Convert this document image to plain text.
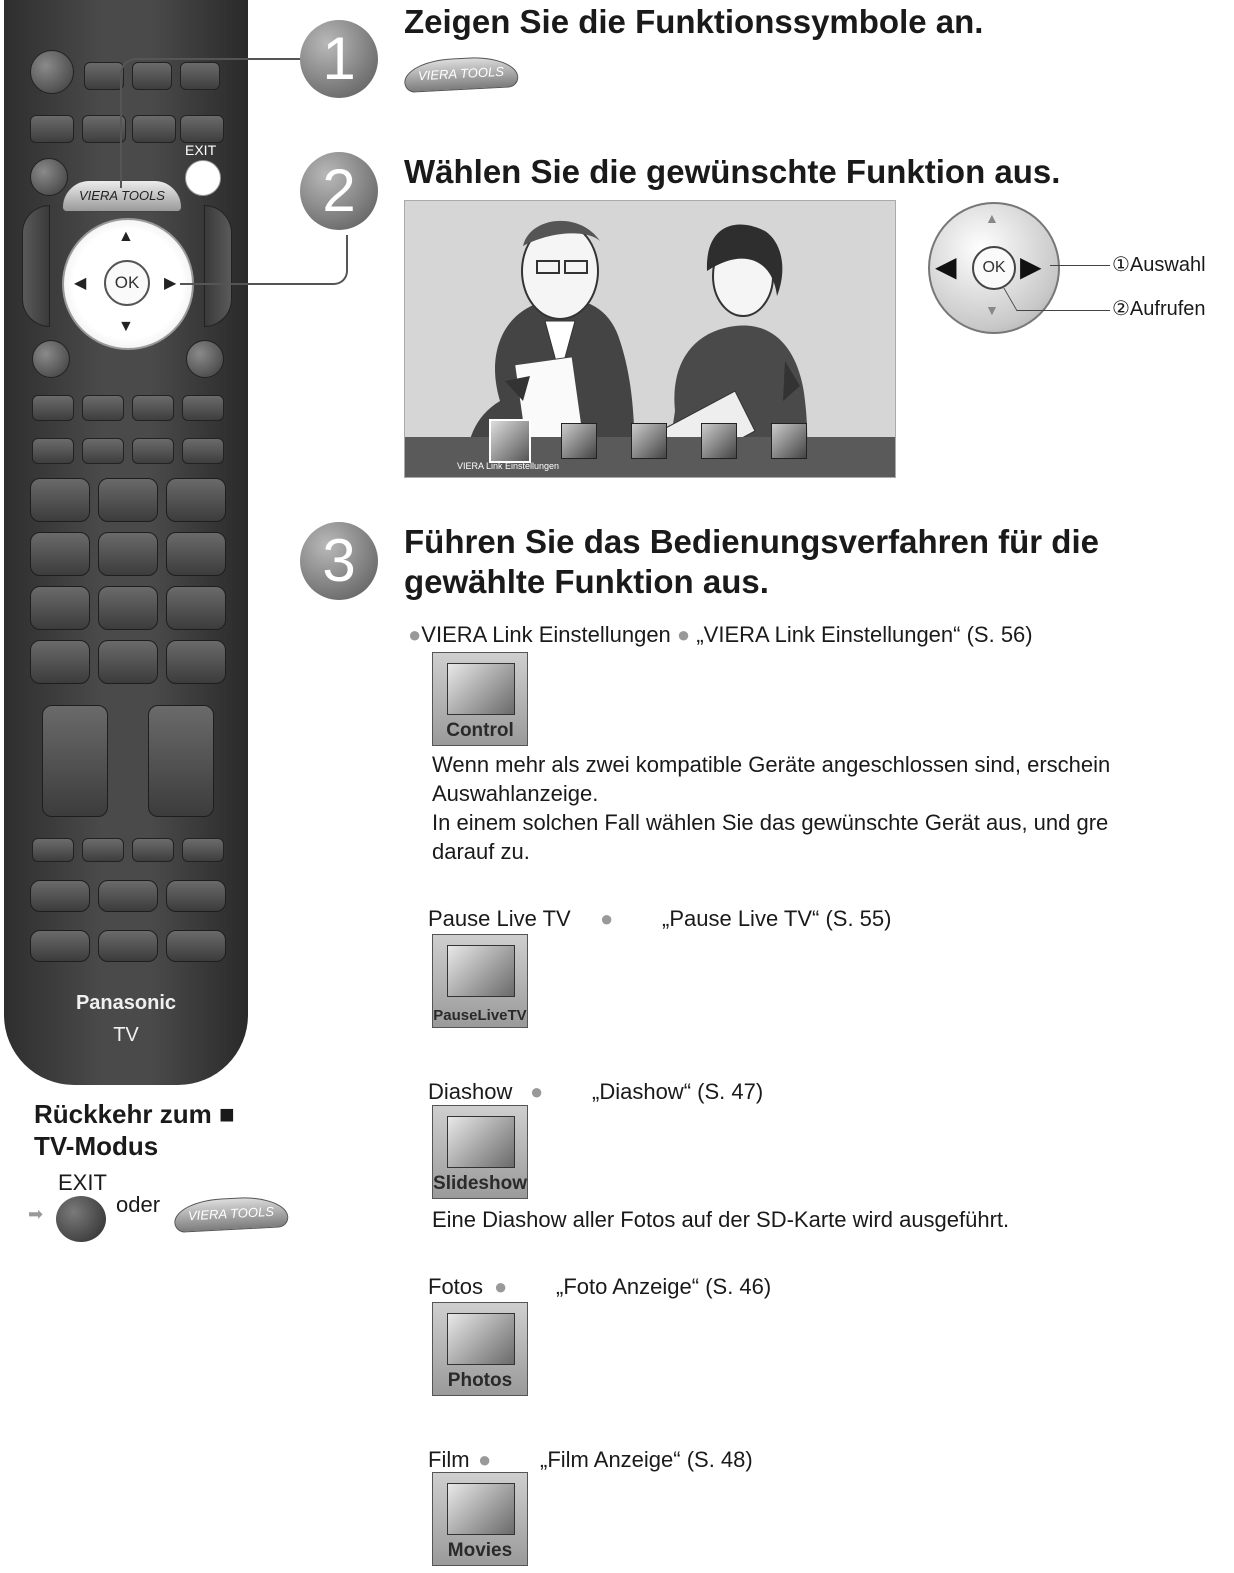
EXIT
VIERA TOOLS
▲
▼
◀	▶
OK
Panasonic
TV
1
Zeigen Sie die Funktionssymbole an.
VIERA TOOLS
2	Wählen Sie die gewünschte Funktion aus.
VIERA Link Einstellungen
▲
▼
◀ ▶
OK	①Auswahl
②Aufrufen
3	Führen Sie das Bedienungsverfahren für die
gewählte Funktion aus.
●VIERA Link Einstellungen ● „VIERA Link Einstellungen“ (S. 56)
Control
Wenn mehr als zwei kompatible Geräte angeschlossen sind, erschein
Auswahlanzeige.
In einem solchen Fall wählen Sie das gewünschte Gerät aus, und gre
darauf zu.
Pause Live TV ● „Pause Live TV“ (S. 55)
PauseLiveTV
Diashow ● „Diashow“ (S. 47)
Slideshow
Eine Diashow aller Fotos auf der SD-Karte wird ausgeführt.
Fotos ● „Foto Anzeige“ (S. 46)
Photos
Film ● „Film Anzeige“ (S. 48)
Movies
Rückkehr zum ■
TV-Modus
EXIT
➡	oder	VIERA TOOLS
